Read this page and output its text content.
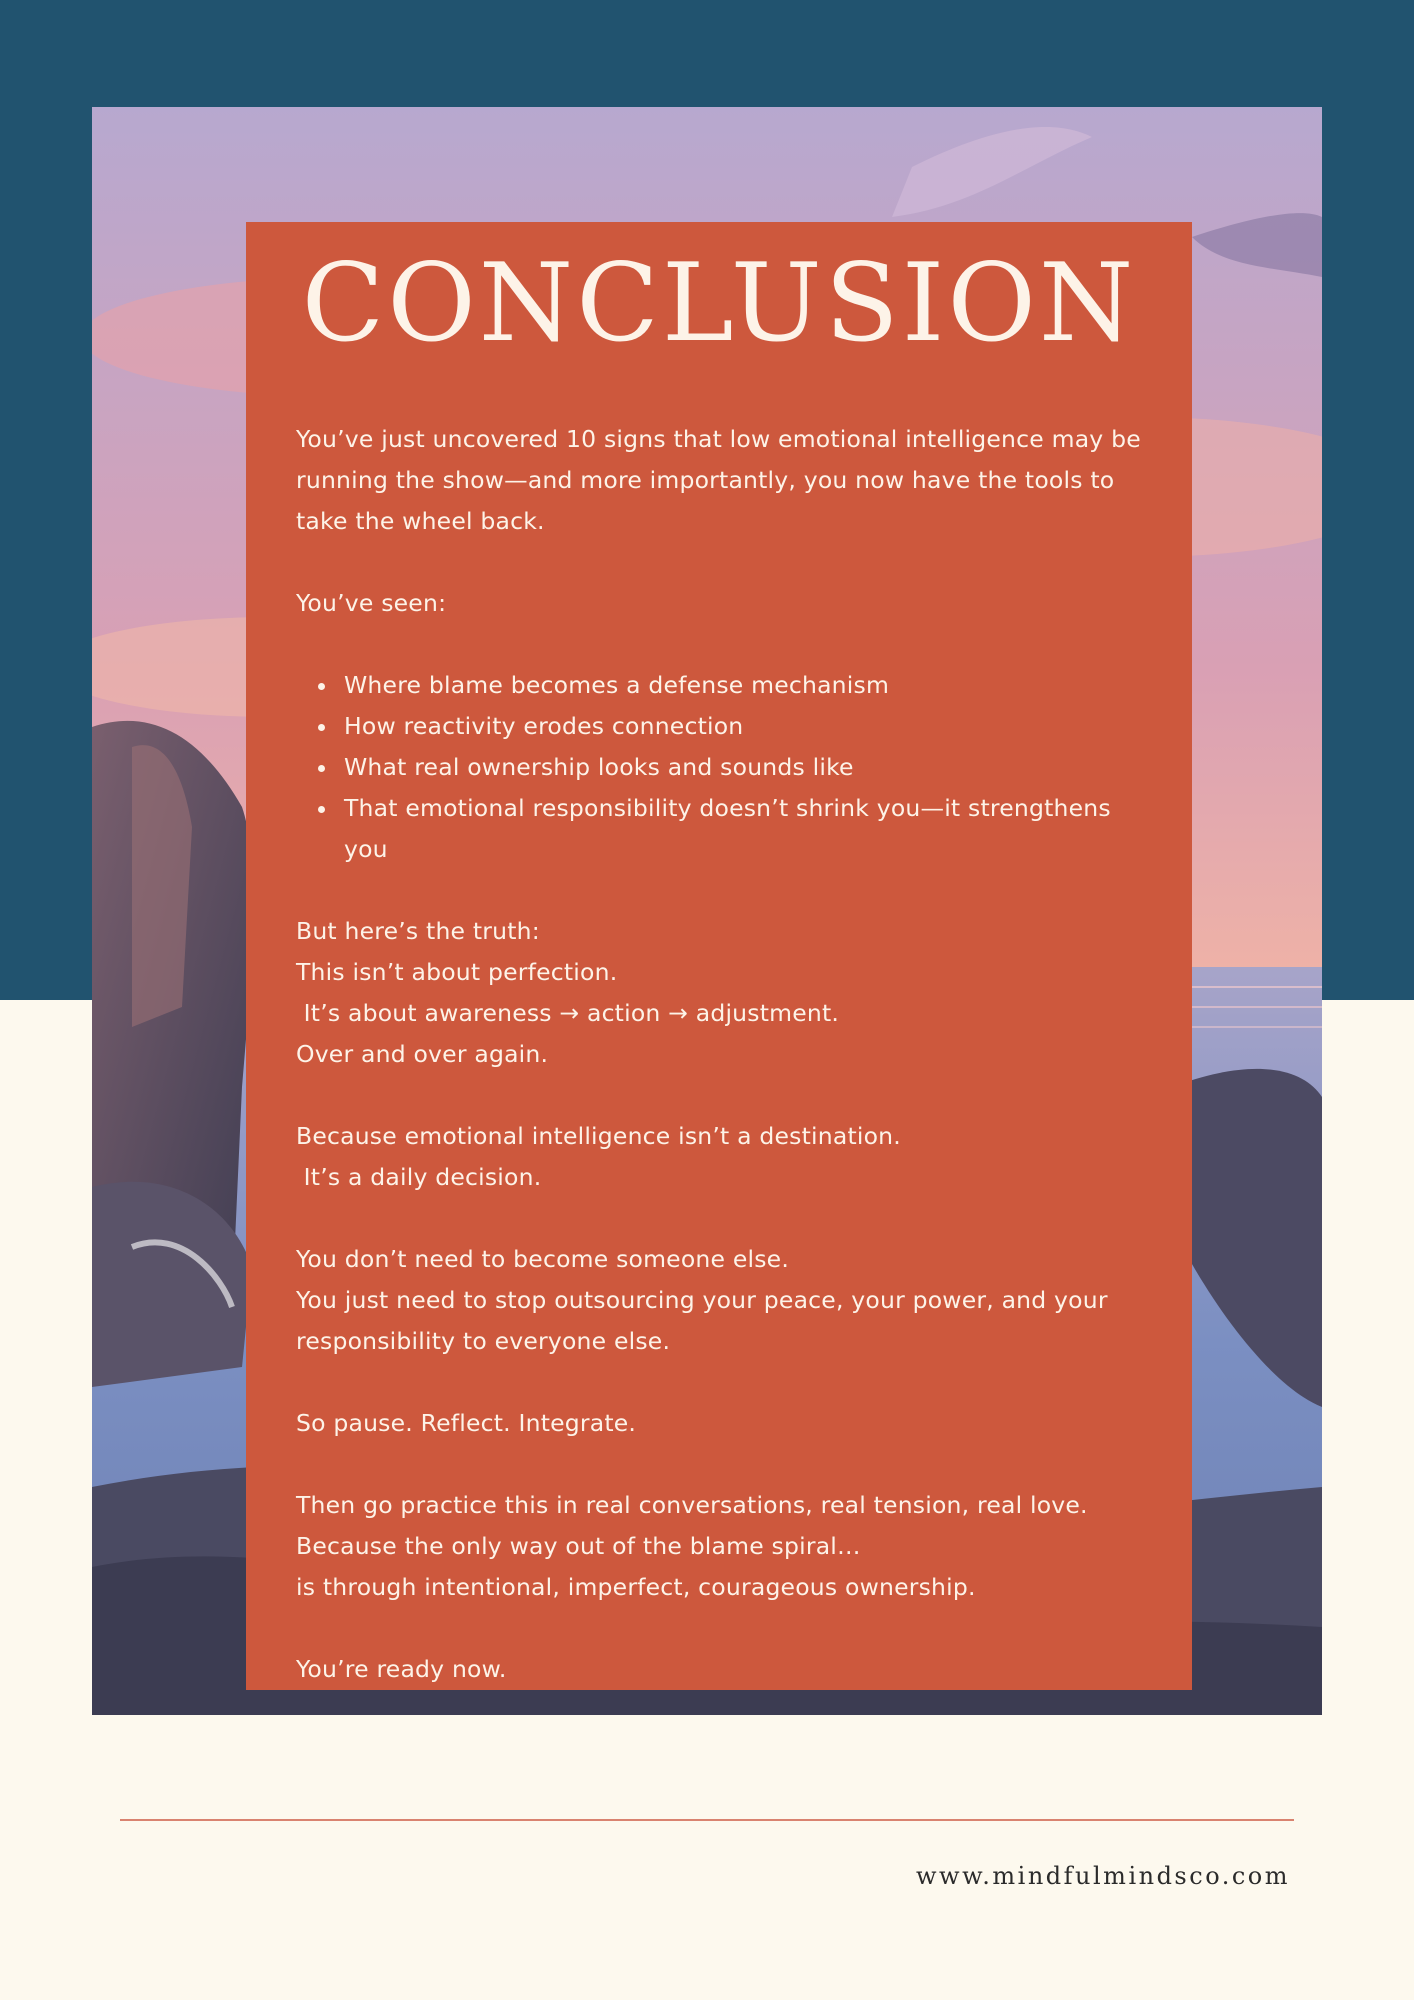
CONCLUSION

You’ve just uncovered 10 signs that low emotional intelligence may be running the show—and more importantly, you now have the tools to take the wheel back.

You’ve seen:

Where blame becomes a defense mechanism
How reactivity erodes connection
What real ownership looks and sounds like
That emotional responsibility doesn’t shrink you—it strengthens you

But here’s the truth:
This isn’t about perfection.
It’s about awareness → action → adjustment.
Over and over again.

Because emotional intelligence isn’t a destination.
It’s a daily decision.

You don’t need to become someone else.
You just need to stop outsourcing your peace, your power, and your responsibility to everyone else.

So pause. Reflect. Integrate.

Then go practice this in real conversations, real tension, real love.
Because the only way out of the blame spiral…
is through intentional, imperfect, courageous ownership.

You’re ready now.

www.mindfulmindsco.com
